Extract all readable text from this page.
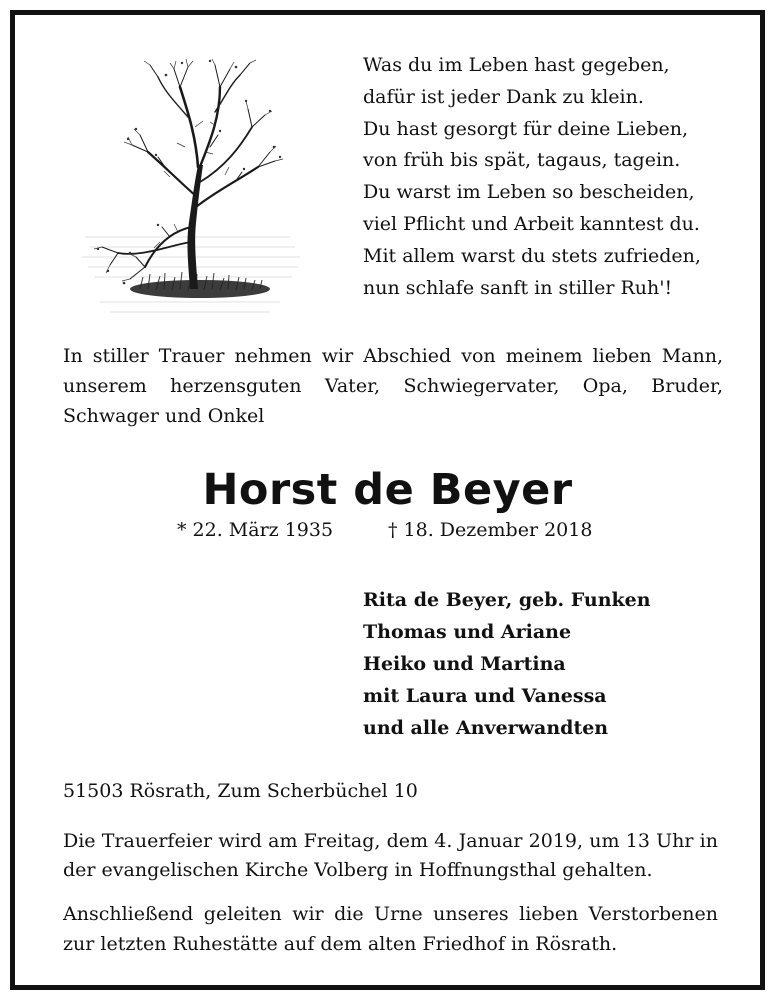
Was du im Leben hast gegeben,
dafür ist jeder Dank zu klein.
Du hast gesorgt für deine Lieben,
von früh bis spät, tagaus, tagein.
Du warst im Leben so bescheiden,
viel Pflicht und Arbeit kanntest du.
Mit allem warst du stets zufrieden,
nun schlafe sanft in stiller Ruh'!
In stiller Trauer nehmen wir Abschied von meinem lieben Mann, unserem herzensguten Vater, Schwiegervater, Opa, Bruder, Schwager und Onkel
Horst de Beyer
* 22. März 1935	† 18. Dezember 2018
Rita de Beyer, geb. Funken
Thomas und Ariane
Heiko und Martina
mit Laura und Vanessa
und alle Anverwandten
51503 Rösrath, Zum Scherbüchel 10
Die Trauerfeier wird am Freitag, dem 4. Januar 2019, um 13 Uhr in der evangelischen Kirche Volberg in Hoffnungsthal gehalten.
Anschließend geleiten wir die Urne unseres lieben Verstorbenen zur letzten Ruhestätte auf dem alten Friedhof in Rösrath.
